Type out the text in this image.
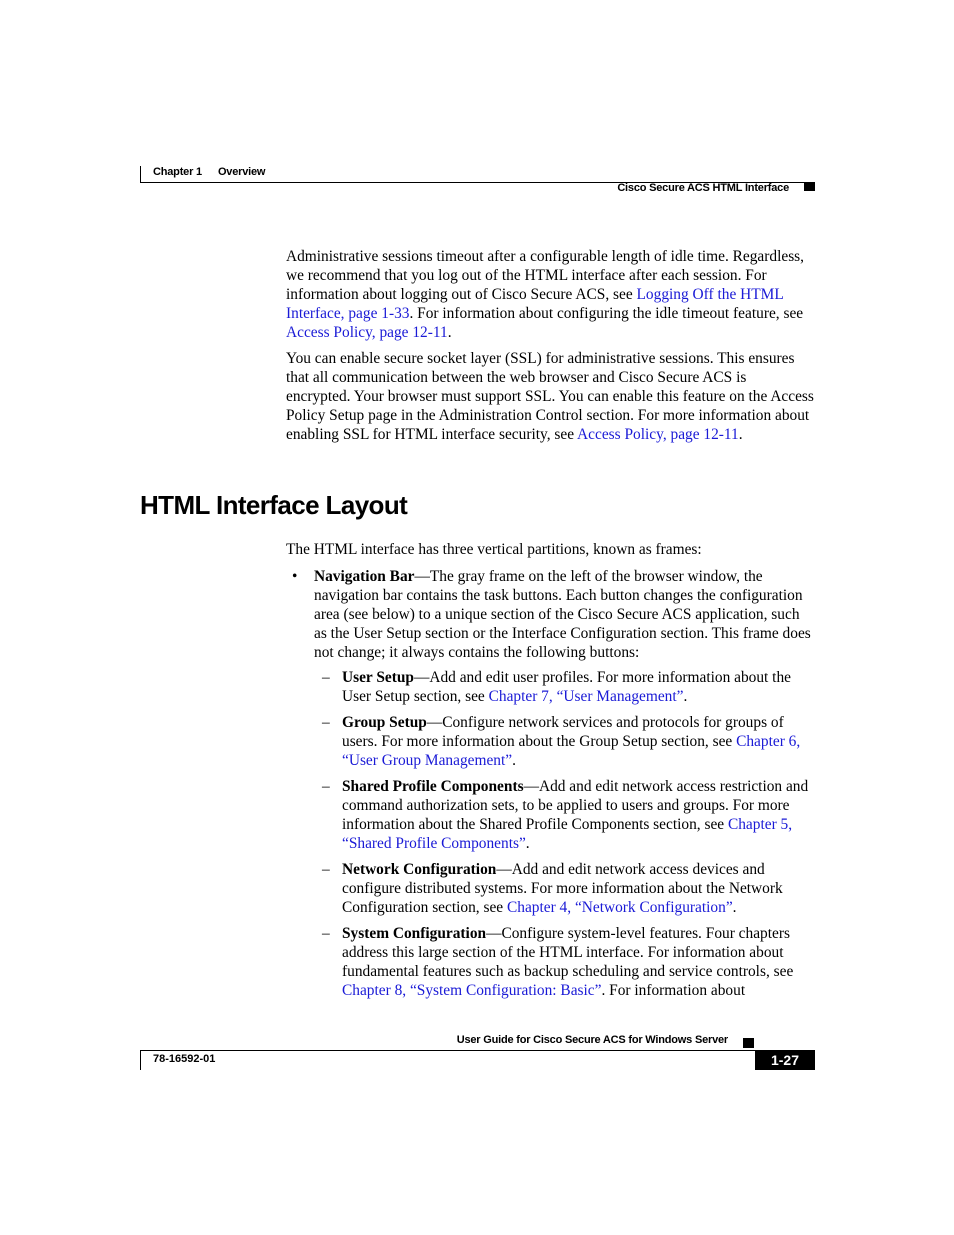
Chapter 1 Overview
Cisco Secure ACS HTML Interface

Administrative sessions timeout after a configurable length of idle time. Regardless, we recommend that you log out of the HTML interface after each session. For information about logging out of Cisco Secure ACS, see Logging Off the HTML Interface, page 1-33. For information about configuring the idle timeout feature, see Access Policy, page 12-11.

You can enable secure socket layer (SSL) for administrative sessions. This ensures that all communication between the web browser and Cisco Secure ACS is encrypted. Your browser must support SSL. You can enable this feature on the Access Policy Setup page in the Administration Control section. For more information about enabling SSL for HTML interface security, see Access Policy, page 12-11.

HTML Interface Layout
The HTML interface has three vertical partitions, known as frames:
• Navigation Bar—The gray frame on the left of the browser window, the navigation bar contains the task buttons. Each button changes the configuration area (see below) to a unique section of the Cisco Secure ACS application, such as the User Setup section or the Interface Configuration section. This frame does not change; it always contains the following buttons:

– User Setup—Add and edit user profiles. For more information about the User Setup section, see Chapter 7, “User Management”.

– Group Setup—Configure network services and protocols for groups of users. For more information about the Group Setup section, see Chapter 6, “User Group Management”.

– Shared Profile Components—Add and edit network access restriction and command authorization sets, to be applied to users and groups. For more information about the Shared Profile Components section, see Chapter 5, “Shared Profile Components”.

– Network Configuration—Add and edit network access devices and configure distributed systems. For more information about the Network Configuration section, see Chapter 4, “Network Configuration”.

– System Configuration—Configure system-level features. Four chapters address this large section of the HTML interface. For information about fundamental features such as backup scheduling and service controls, see Chapter 8, “System Configuration: Basic”. For information about

User Guide for Cisco Secure ACS for Windows Server
78-16592-01	1-27
